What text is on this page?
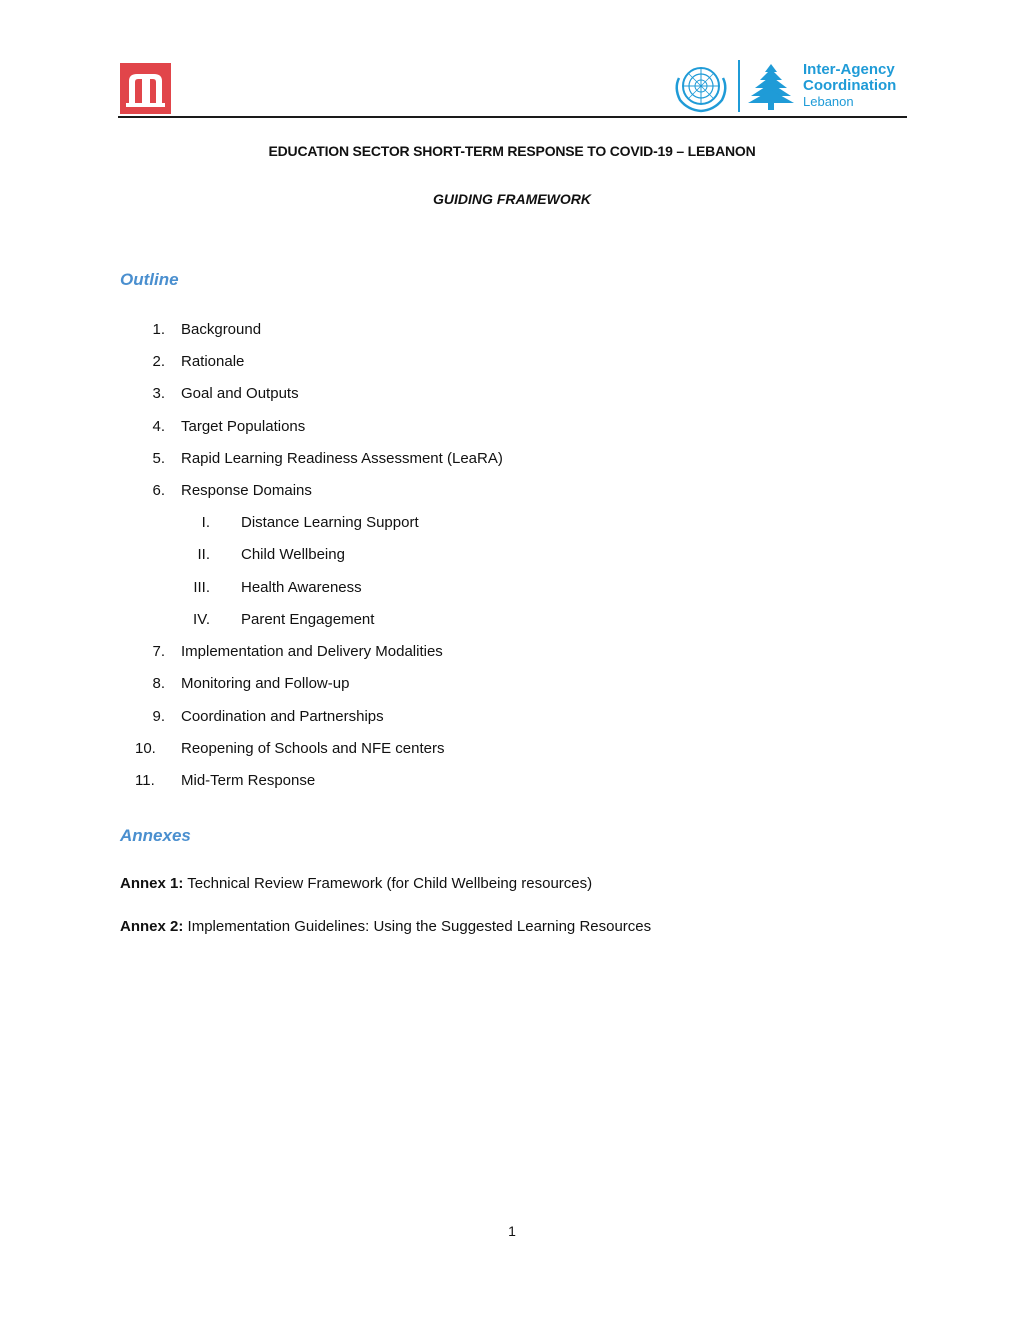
Inter-Agency
Coordination
Lebanon
EDUCATION SECTOR SHORT-TERM RESPONSE TO COVID-19 – LEBANON
GUIDING FRAMEWORK
Outline
1. Background
2. Rationale
3. Goal and Outputs
4. Target Populations
5. Rapid Learning Readiness Assessment (LeaRA)
6. Response Domains
I. Distance Learning Support
II. Child Wellbeing
III. Health Awareness
IV. Parent Engagement
7. Implementation and Delivery Modalities
8. Monitoring and Follow-up
9. Coordination and Partnerships
10.	Reopening of Schools and NFE centers
11.	Mid-Term Response
Annexes
Annex 1: Technical Review Framework (for Child Wellbeing resources)
Annex 2: Implementation Guidelines: Using the Suggested Learning Resources
1
